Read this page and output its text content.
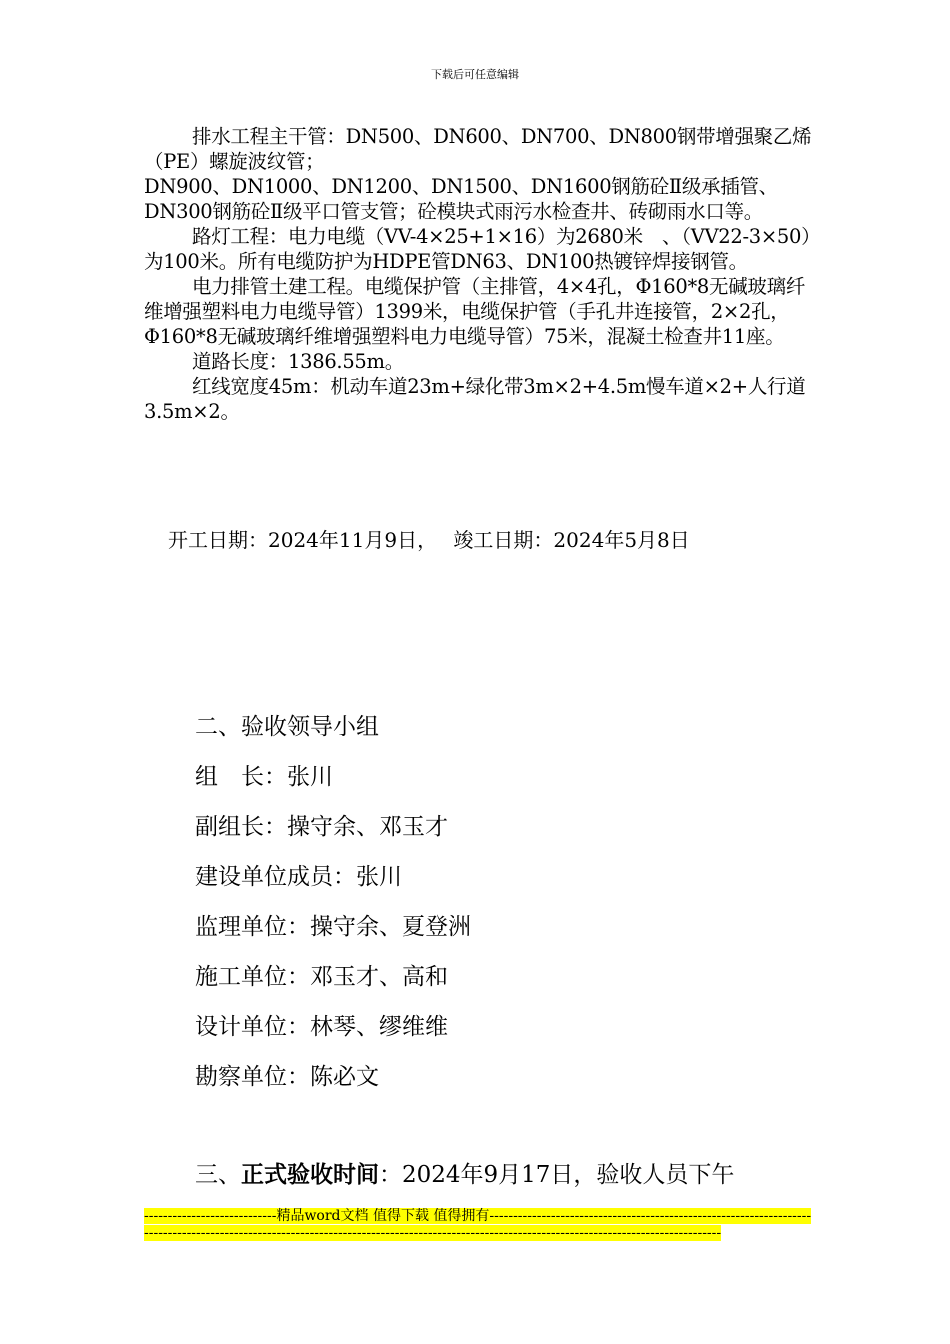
下载后可任意编辑

排水工程主干管：DN500、DN600、DN700、DN800钢带增强聚乙烯（PE）螺旋波纹管；

DN900、DN1000、DN1200、DN1500、DN1600钢筋砼Ⅱ级承插管、DN300钢筋砼Ⅱ级平口管支管；砼模块式雨污水检查井、砖砌雨水口等。

路灯工程：电力电缆（VV-4×25+1×16）为2680米　、（VV22-3×50）为100米。所有电缆防护为HDPE管DN63、DN100热镀锌焊接钢管。

电力排管土建工程。电缆保护管（主排管，4×4孔，Φ160*8无碱玻璃纤维增强塑料电力电缆导管）1399米，电缆保护管（手孔井连接管，2×2孔，Φ160*8无碱玻璃纤维增强塑料电力电缆导管）75米，混凝土检查井11座。

道路长度：1386.55m。

红线宽度45m：机动车道23m+绿化带3m×2+4.5m慢车道×2+人行道3.5m×2。

开工日期：2024年11月9日，　 竣工日期：2024年5月8日
二、验收领导小组
组　长：张川
副组长：操守余、邓玉才
建设单位成员：张川
监理单位：操守余、夏登洲
施工单位：邓玉才、高和
设计单位：林琴、缪维维
勘察单位：陈必文
三、正式验收时间：2024年9月17日，验收人员下午
----------------------------精品word文档 值得下载 值得拥有----------------------------------------------------------------------------------------------------------------------------------------------------------------------------------------------
